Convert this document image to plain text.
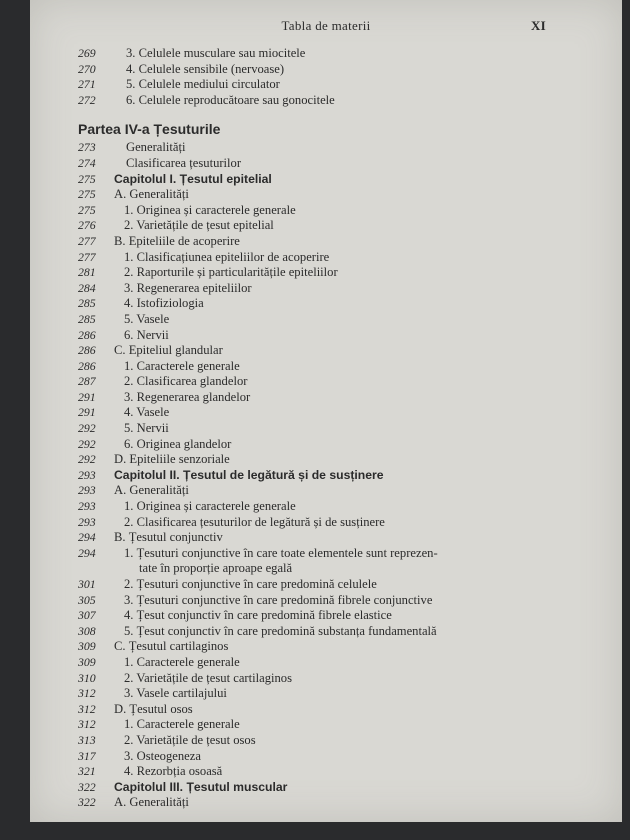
Tabla de materii	XI
269	3. Celulele musculare sau miocitele
270	4. Celulele sensibile (nervoase)
271	5. Celulele mediului circulator
272	6. Celulele reproducătoare sau gonocitele
Partea IV-a Țesuturile
273	Generalități
274	Clasificarea țesuturilor
275	Capitolul I. Țesutul epitelial
275	A. Generalități
275	1. Originea și caracterele generale
276	2. Varietățile de țesut epitelial
277	B. Epiteliile de acoperire
277	1. Clasificațiunea epiteliilor de acoperire
281	2. Raporturile și particularitățile epiteliilor
284	3. Regenerarea epiteliilor
285	4. Istofiziologia
285	5. Vasele
286	6. Nervii
286	C. Epiteliul glandular
286	1. Caracterele generale
287	2. Clasificarea glandelor
291	3. Regenerarea glandelor
291	4. Vasele
292	5. Nervii
292	6. Originea glandelor
292	D. Epiteliile senzoriale
293	Capitolul II. Țesutul de legătură și de susținere
293	A. Generalități
293	1. Originea și caracterele generale
293	2. Clasificarea țesuturilor de legătură și de susținere
294	B. Țesutul conjunctiv
294	1. Țesuturi conjunctive în care toate elementele sunt reprezen-
tate în proporție aproape egală
301	2. Țesuturi conjunctive în care predomină celulele
305	3. Țesuturi conjunctive în care predomină fibrele conjunctive
307	4. Țesut conjunctiv în care predomină fibrele elastice
308	5. Țesut conjunctiv în care predomină substanța fundamentală
309	C. Țesutul cartilaginos
309	1. Caracterele generale
310	2. Varietățile de țesut cartilaginos
312	3. Vasele cartilajului
312	D. Țesutul osos
312	1. Caracterele generale
313	2. Varietățile de țesut osos
317	3. Osteogeneza
321	4. Rezorbția osoasă
322	Capitolul III. Țesutul muscular
322	A. Generalități
